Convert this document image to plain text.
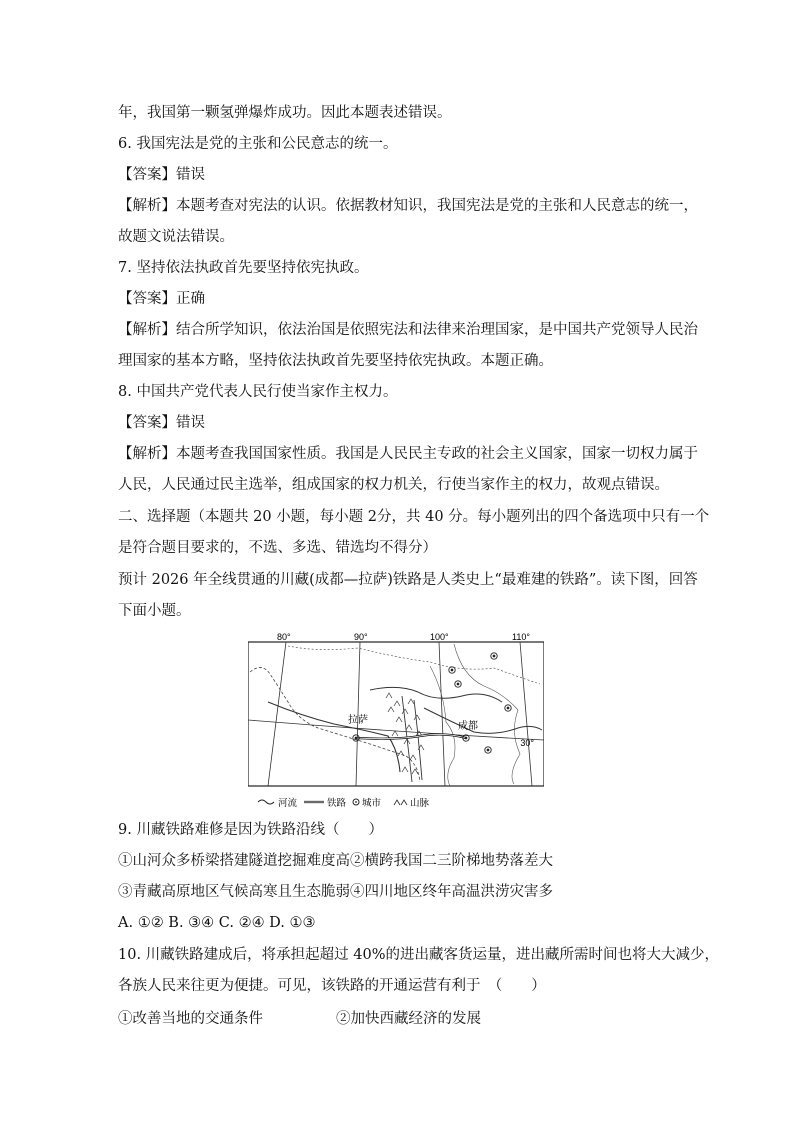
年，我国第一颗氢弹爆炸成功。因此本题表述错误。
6. 我国宪法是党的主张和公民意志的统一。
【答案】错误
【解析】本题考查对宪法的认识。依据教材知识，我国宪法是党的主张和人民意志的统一，
故题文说法错误。
7. 坚持依法执政首先要坚持依宪执政。
【答案】正确
【解析】结合所学知识，依法治国是依照宪法和法律来治理国家，是中国共产党领导人民治
理国家的基本方略，坚持依法执政首先要坚持依宪执政。本题正确。
8. 中国共产党代表人民行使当家作主权力。
【答案】错误
【解析】本题考查我国国家性质。我国是人民民主专政的社会主义国家，国家一切权力属于
人民，人民通过民主选举，组成国家的权力机关，行使当家作主的权力，故观点错误。
二、选择题（本题共 20 小题，每小题 2分，共 40 分。每小题列出的四个备选项中只有一个
是符合题目要求的，不选、多选、错选均不得分）
预计 2026 年全线贯通的川藏(成都—拉萨)铁路是人类史上“最难建的铁路”。读下图，回答
下面小题。
80°	90°	100°	110°
30°
拉萨
成都
河流	铁路 城市	山脉
9. 川藏铁路难修是因为铁路沿线（　　）
①山河众多桥梁搭建隧道挖掘难度高②横跨我国二三阶梯地势落差大
③青藏高原地区气候高寒且生态脆弱④四川地区终年高温洪涝灾害多
A. ①② B. ③④ C. ②④ D. ①③
10. 川藏铁路建成后，将承担起超过 40%的进出藏客货运量，进出藏所需时间也将大大减少，
各族人民来往更为便捷。可见，该铁路的开通运营有利于　（　　）
①改善当地的交通条件	②加快西藏经济的发展
